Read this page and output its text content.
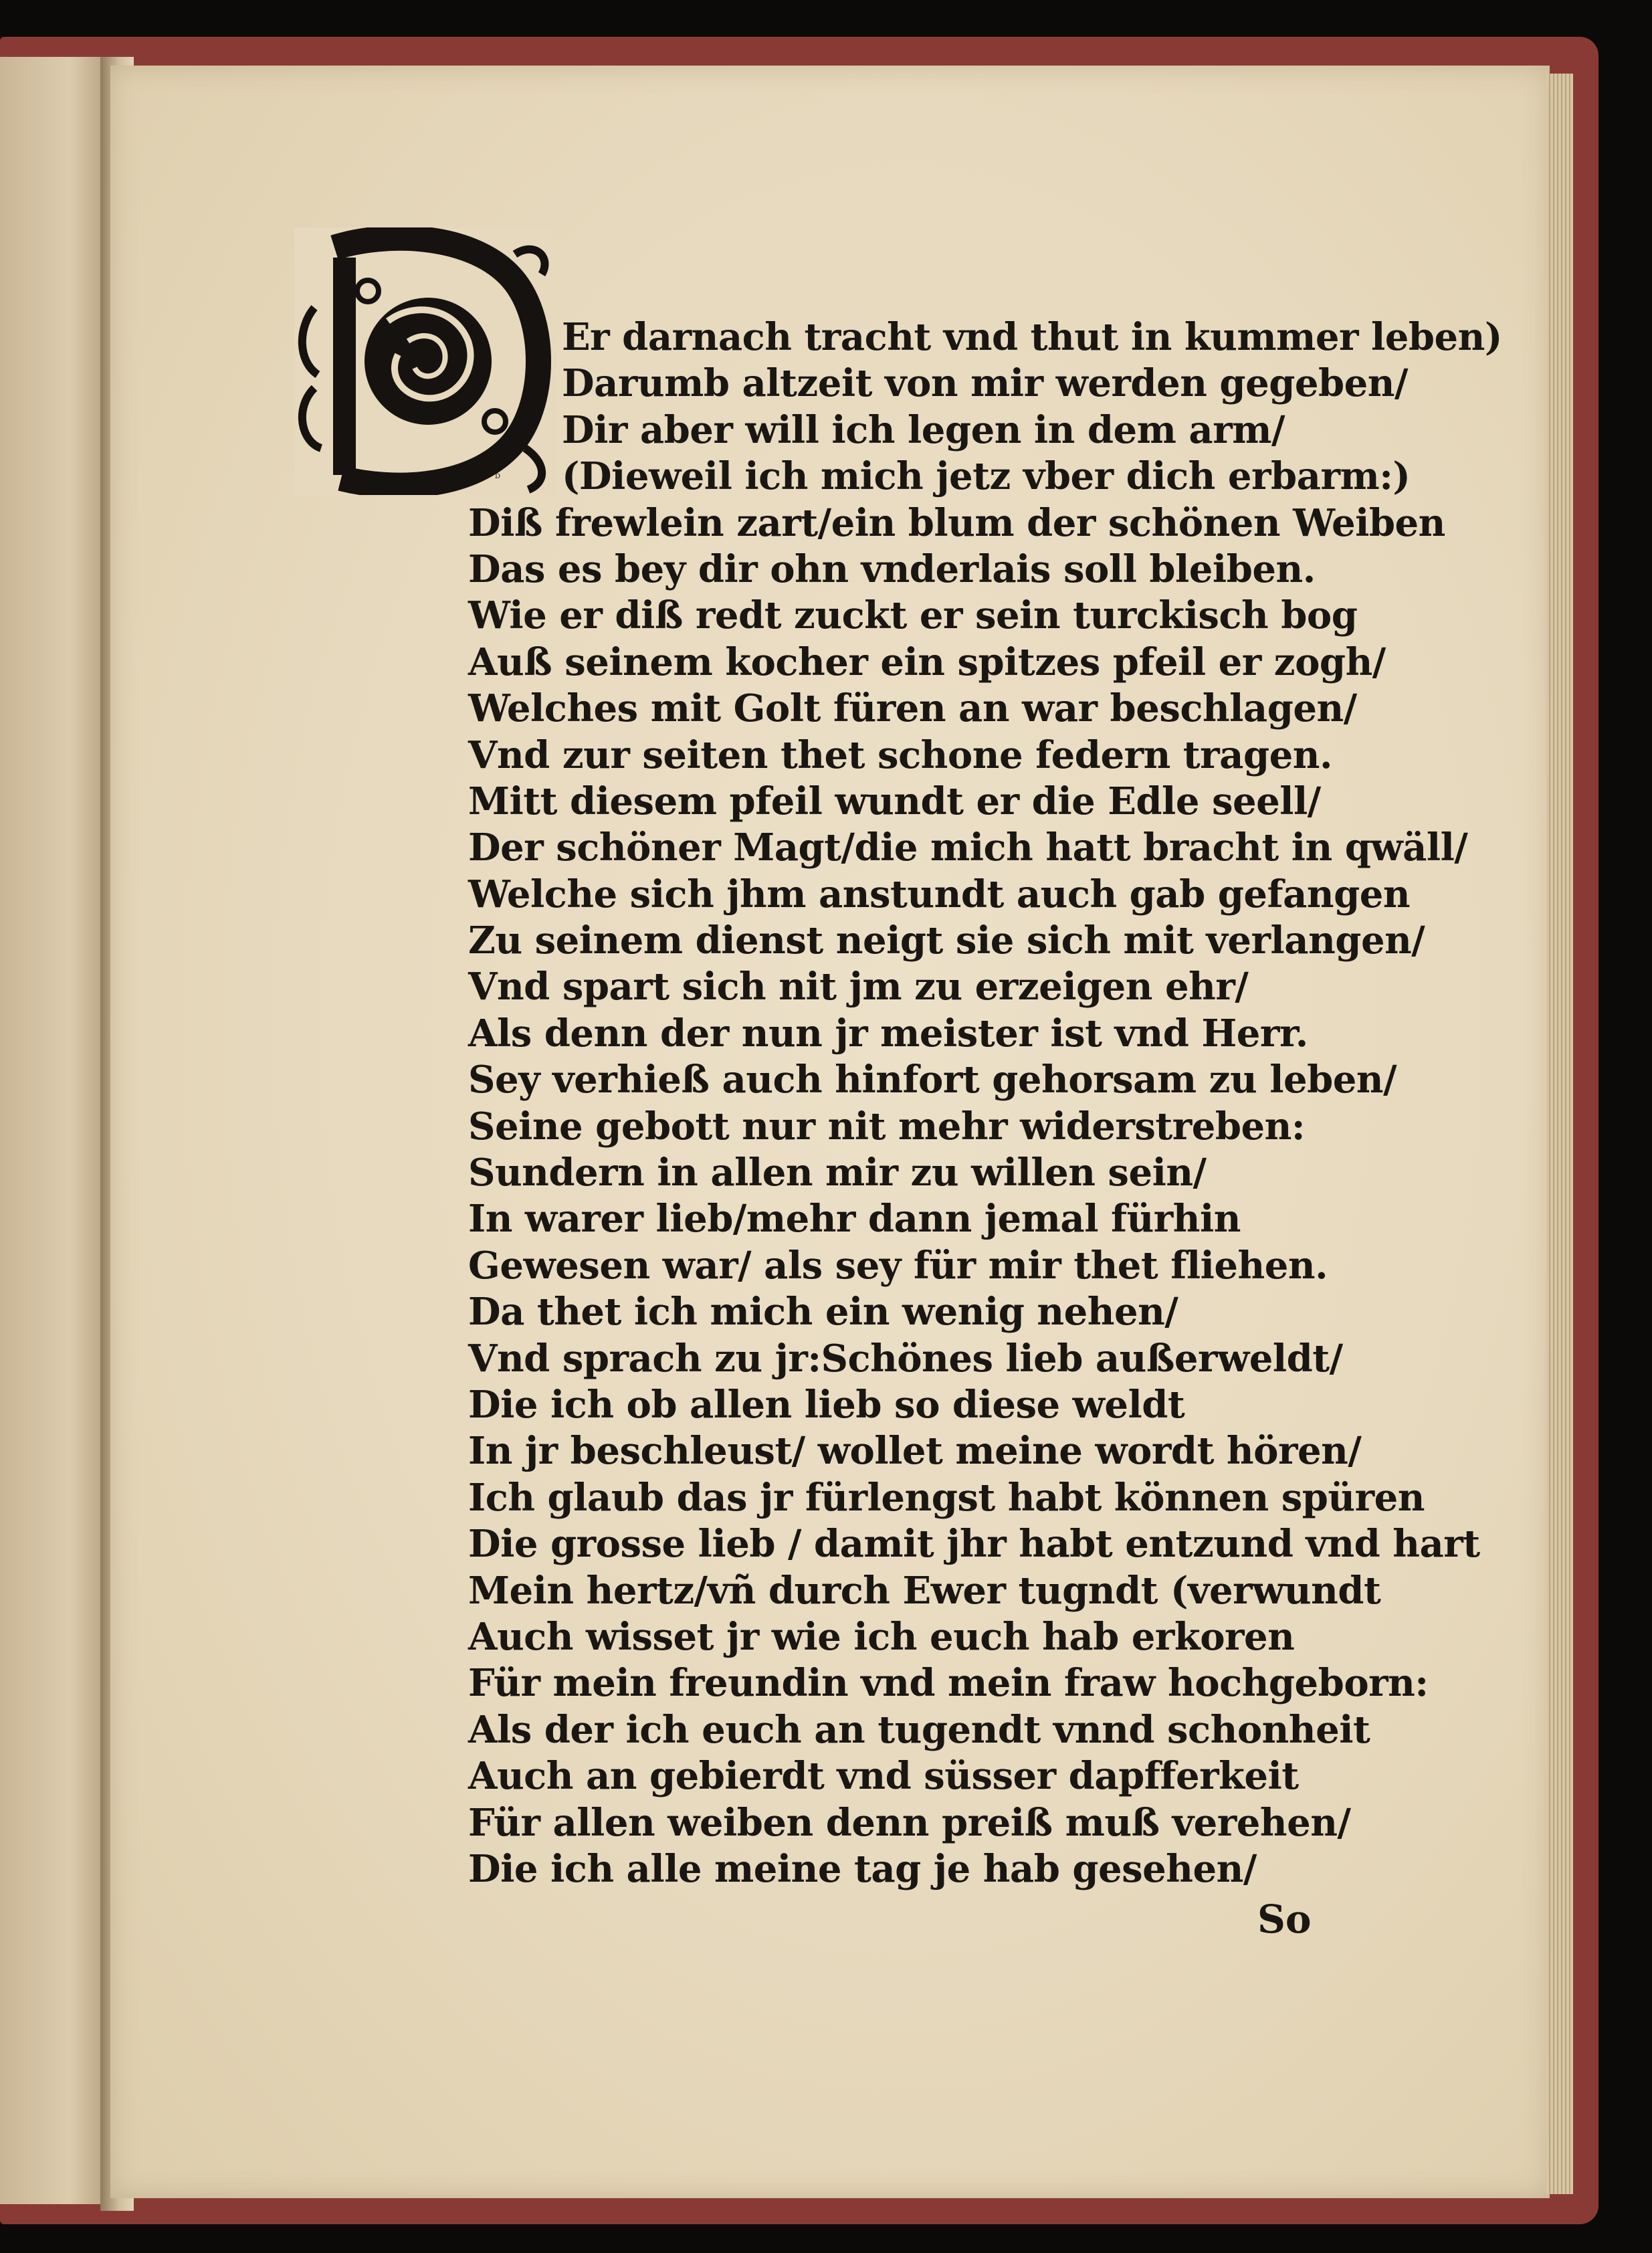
D
Er darnach tracht vnd thut in kummer leben)
Darumb altzeit von mir werden gegeben/
Dir aber will ich legen in dem arm/
(Dieweil ich mich jetz vber dich erbarm:)
Diß frewlein zart/ein blum der schönen Weiben
Das es bey dir ohn vnderlais soll bleiben.
Wie er diß redt zuckt er sein turckisch bog
Auß seinem kocher ein spitzes pfeil er zogh/
Welches mit Golt füren an war beschlagen/
Vnd zur seiten thet schone federn tragen.
Mitt diesem pfeil wundt er die Edle seell/
Der schöner Magt/die mich hatt bracht in qwäll/
Welche sich jhm anstundt auch gab gefangen
Zu seinem dienst neigt sie sich mit verlangen/
Vnd spart sich nit jm zu erzeigen ehr/
Als denn der nun jr meister ist vnd Herr.
Sey verhieß auch hinfort gehorsam zu leben/
Seine gebott nur nit mehr widerstreben:
Sundern in allen mir zu willen sein/
In warer lieb/mehr dann jemal fürhin
Gewesen war/ als sey für mir thet fliehen.
Da thet ich mich ein wenig nehen/
Vnd sprach zu jr:Schönes lieb außerweldt/
Die ich ob allen lieb so diese weldt
In jr beschleust/ wollet meine wordt hören/
Ich glaub das jr fürlengst habt können spüren
Die grosse lieb / damit jhr habt entzund vnd hart
Mein hertz/vñ durch Ewer tugndt (verwundt
Auch wisset jr wie ich euch hab erkoren
Für mein freundin vnd mein fraw hochgeborn:
Als der ich euch an tugendt vnnd schonheit
Auch an gebierdt vnd süsser dapfferkeit
Für allen weiben denn preiß muß verehen/
Die ich alle meine tag je hab gesehen/
So
